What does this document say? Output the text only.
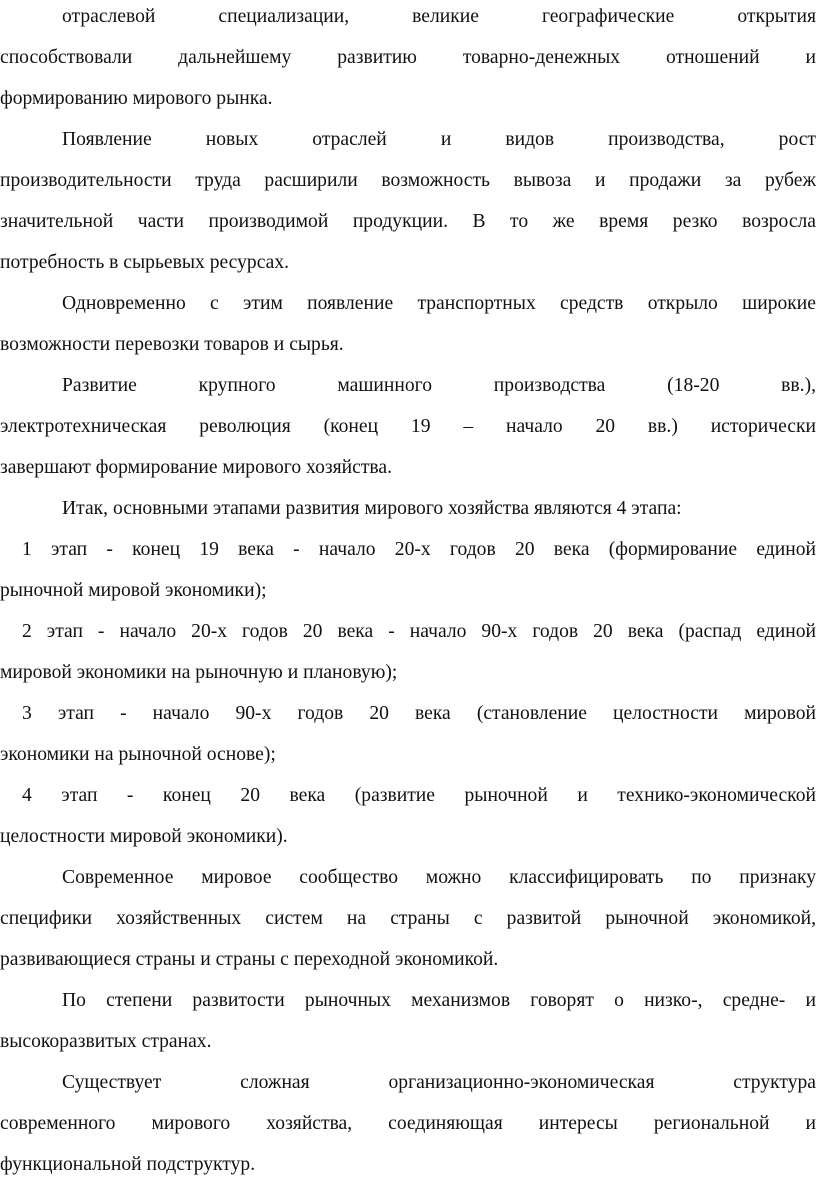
отраслевой специализации, великие географические открытия
способствовали дальнейшему развитию товарно-денежных отношений и
формированию мирового рынка.

Появление новых отраслей и видов производства, рост
производительности труда расширили возможность вывоза и продажи за рубеж
значительной части производимой продукции. В то же время резко возросла
потребность в сырьевых ресурсах.

Одновременно с этим появление транспортных средств открыло широкие
возможности перевозки товаров и сырья.

Развитие крупного машинного производства (18-20 вв.),
электротехническая революция (конец 19 – начало 20 вв.) исторически
завершают формирование мирового хозяйства.

Итак, основными этапами развития мирового хозяйства являются 4 этапа:

1 этап - конец 19 века - начало 20-х годов 20 века (формирование единой
рыночной мировой экономики);

2 этап - начало 20-х годов 20 века - начало 90-х годов 20 века (распад единой
мировой экономики на рыночную и плановую);

3 этап - начало 90-х годов 20 века (становление целостности мировой
экономики на рыночной основе);

4 этап - конец 20 века (развитие рыночной и технико-экономической
целостности мировой экономики).

Современное мировое сообщество можно классифицировать по признаку
специфики хозяйственных систем на страны с развитой рыночной экономикой,
развивающиеся страны и страны с переходной экономикой.

По степени развитости рыночных механизмов говорят о низко-, средне- и
высокоразвитых странах.

Существует сложная организационно-экономическая структура
современного мирового хозяйства, соединяющая интересы региональной и
функциональной подструктур.
